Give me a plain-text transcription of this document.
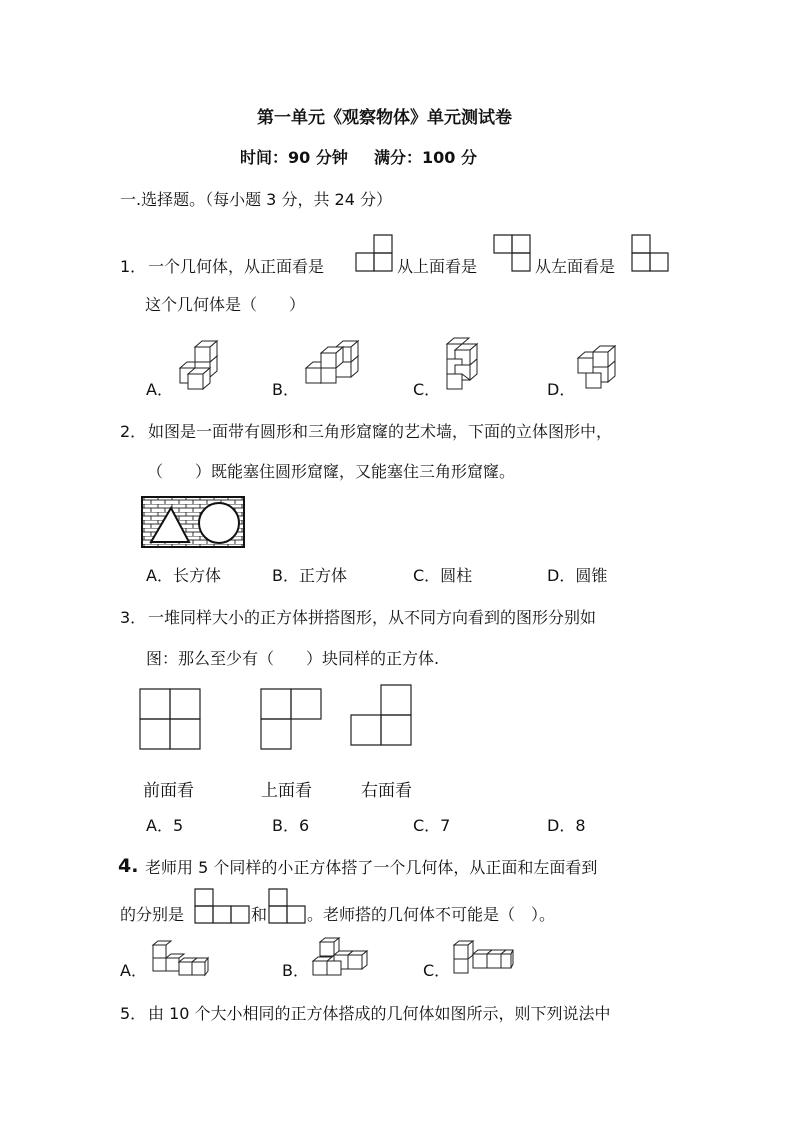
第一单元《观察物体》单元测试卷
时间：90 分钟 满分：100 分
一.选择题。（每小题 3 分，共 24 分）
1． 一个几何体，从正面看是	从上面看是	从左面看是
这个几何体是（　　）
A．	B．	C．	D．
2． 如图是一面带有圆形和三角形窟窿的艺术墙，下面的立体图形中，
（　　）既能塞住圆形窟窿，又能塞住三角形窟窿。
A．长方体	B．正方体	C．圆柱	D．圆锥
3． 一堆同样大小的正方体拼搭图形，从不同方向看到的图形分别如
图：那么至少有（　　）块同样的正方体.
前面看	上面看	右面看
A．5	B．6	C．7	D．8
4. 老师用 5 个同样的小正方体搭了一个几何体，从正面和左面看到
的分别是	和 。老师搭的几何体不可能是（　）。
A．	B．	C．
5． 由 10 个大小相同的正方体搭成的几何体如图所示，则下列说法中
